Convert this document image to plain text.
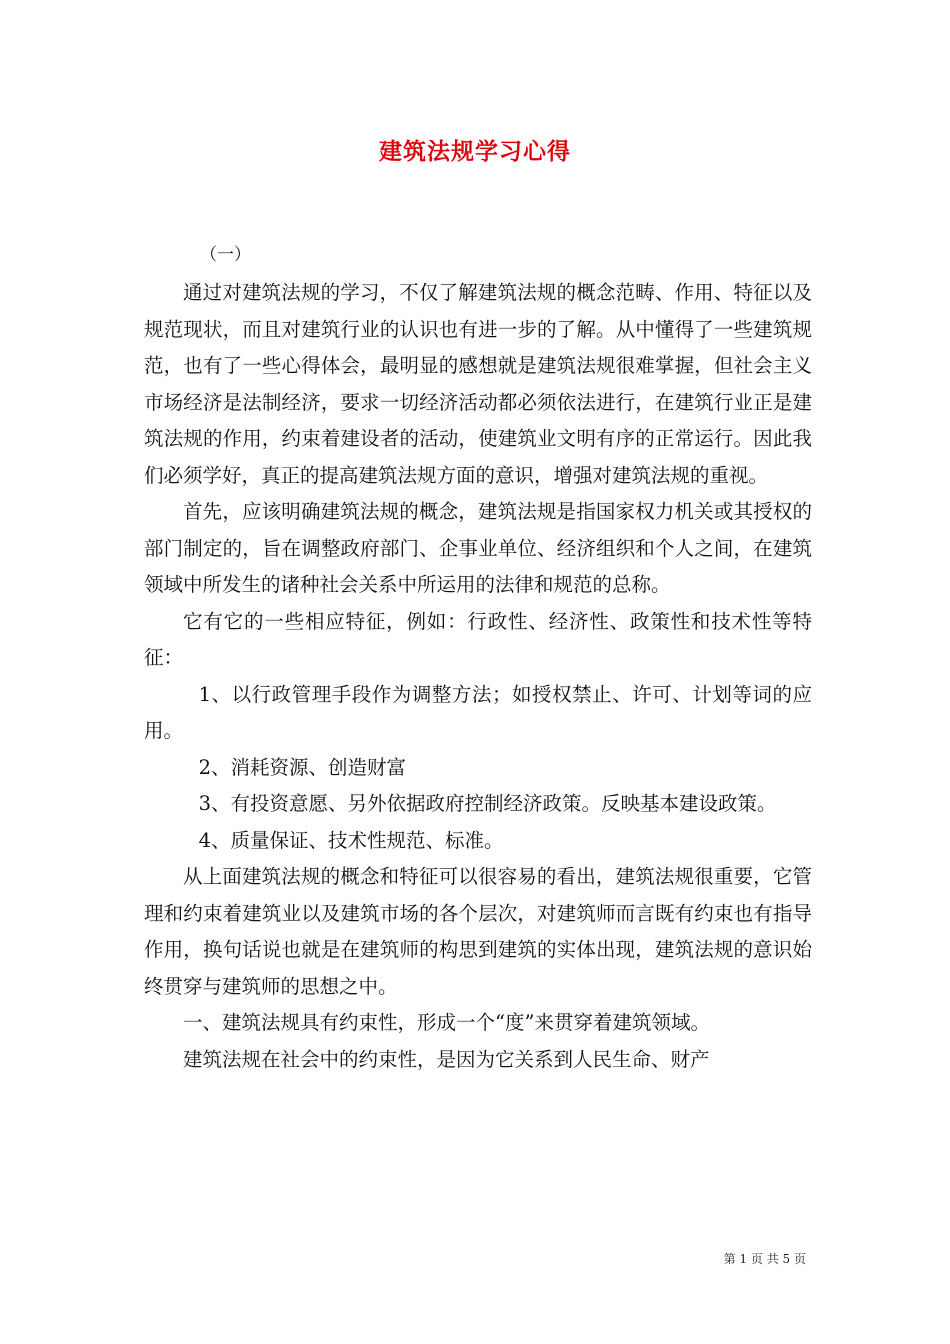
建筑法规学习心得
（一）

通过对建筑法规的学习，不仅了解建筑法规的概念范畴、作用、特征以及规范现状，而且对建筑行业的认识也有进一步的了解。从中懂得了一些建筑规范，也有了一些心得体会，最明显的感想就是建筑法规很难掌握，但社会主义市场经济是法制经济，要求一切经济活动都必须依法进行，在建筑行业正是建筑法规的作用，约束着建设者的活动，使建筑业文明有序的正常运行。因此我们必须学好，真正的提高建筑法规方面的意识，增强对建筑法规的重视。

首先，应该明确建筑法规的概念，建筑法规是指国家权力机关或其授权的部门制定的，旨在调整政府部门、企事业单位、经济组织和个人之间，在建筑领域中所发生的诸种社会关系中所运用的法律和规范的总称。

它有它的一些相应特征，例如：行政性、经济性、政策性和技术性等特征：

1、以行政管理手段作为调整方法；如授权禁止、许可、计划等词的应用。

2、消耗资源、创造财富

3、有投资意愿、另外依据政府控制经济政策。反映基本建设政策。

4、质量保证、技术性规范、标准。

从上面建筑法规的概念和特征可以很容易的看出，建筑法规很重要，它管理和约束着建筑业以及建筑市场的各个层次，对建筑师而言既有约束也有指导作用，换句话说也就是在建筑师的构思到建筑的实体出现，建筑法规的意识始终贯穿与建筑师的思想之中。

一、建筑法规具有约束性，形成一个“度”来贯穿着建筑领域。

建筑法规在社会中的约束性，是因为它关系到人民生命、财产

第 1 页 共 5 页
